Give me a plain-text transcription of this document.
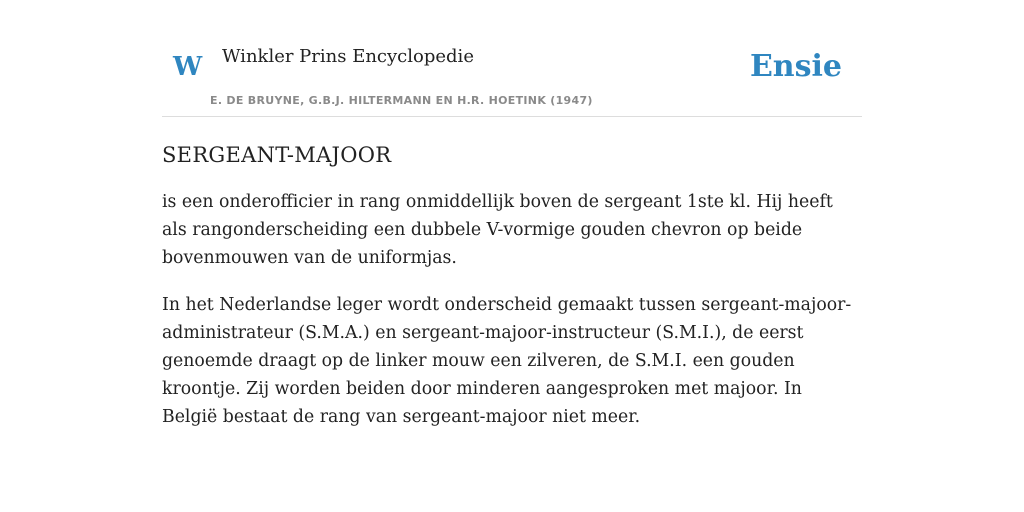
W Winkler Prins Encyclopedie
E. DE BRUYNE, G.B.J. HILTERMANN EN H.R. HOETINK (1947)
Ensie
SERGEANT-MAJOOR

is een onderofficier in rang onmiddellijk boven de sergeant 1ste kl. Hij heeft als rangonderscheiding een dubbele V-vormige gouden chevron op beide bovenmouwen van de uniformjas.

In het Nederlandse leger wordt onderscheid gemaakt tussen sergeant-majoor-administrateur (S.M.A.) en sergeant-majoor-instructeur (S.M.I.), de eerst genoemde draagt op de linker mouw een zilveren, de S.M.I. een gouden kroontje. Zij worden beiden door minderen aangesproken met majoor. In België bestaat de rang van sergeant-majoor niet meer.
